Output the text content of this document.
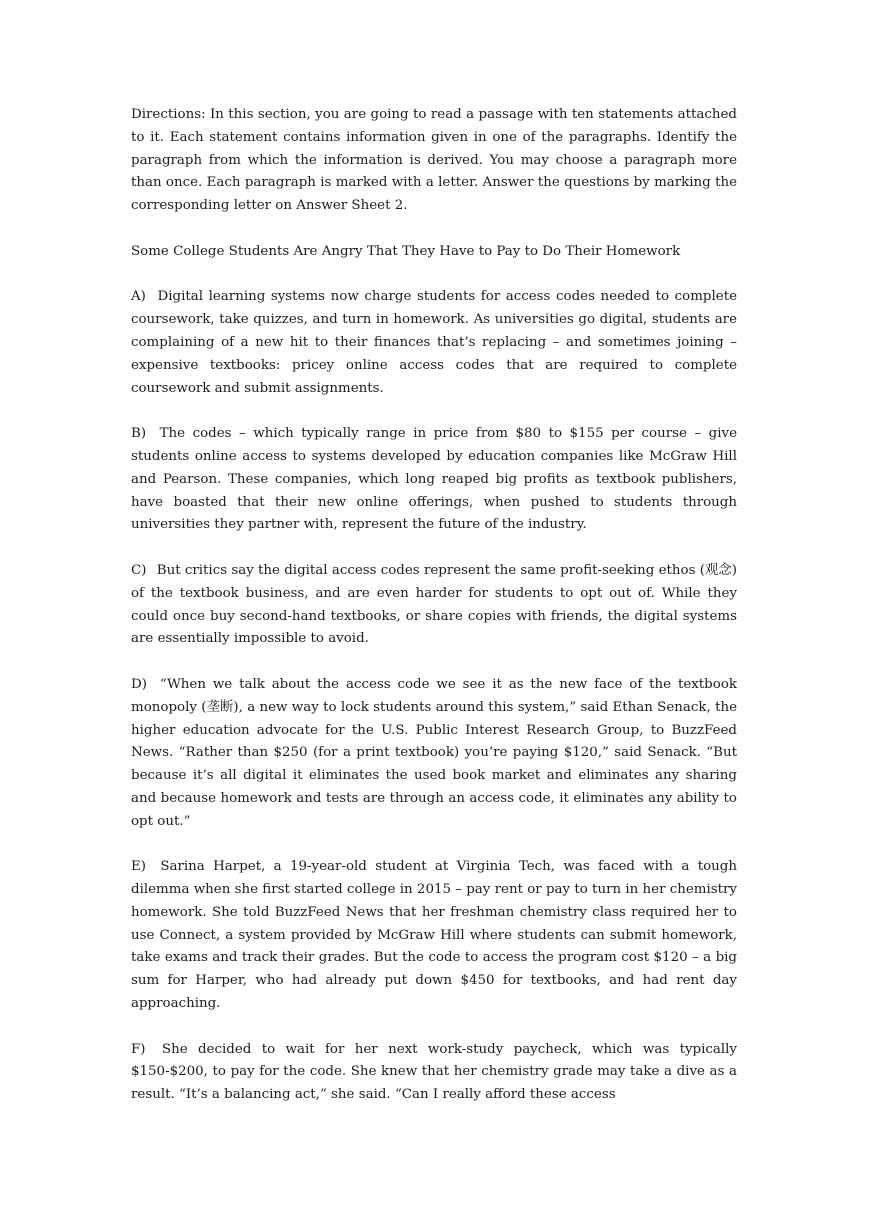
Directions: In this section, you are going to read a passage with ten statements attached to it. Each statement contains information given in one of the paragraphs. Identify the paragraph from which the information is derived. You may choose a paragraph more than once. Each paragraph is marked with a letter. Answer the questions by marking the corresponding letter on Answer Sheet 2.

Some College Students Are Angry That They Have to Pay to Do Their Homework

A) Digital learning systems now charge students for access codes needed to complete coursework, take quizzes, and turn in homework. As universities go digital, students are complaining of a new hit to their finances that’s replacing – and sometimes joining – expensive textbooks: pricey online access codes that are required to complete coursework and submit assignments.

B) The codes – which typically range in price from $80 to $155 per course – give students online access to systems developed by education companies like McGraw Hill and Pearson. These companies, which long reaped big profits as textbook publishers, have boasted that their new online offerings, when pushed to students through universities they partner with, represent the future of the industry.

C) But critics say the digital access codes represent the same profit-seeking ethos (观念) of the textbook business, and are even harder for students to opt out of. While they could once buy second-hand textbooks, or share copies with friends, the digital systems are essentially impossible to avoid.

D) “When we talk about the access code we see it as the new face of the textbook monopoly (垄断), a new way to lock students around this system,” said Ethan Senack, the higher education advocate for the U.S. Public Interest Research Group, to BuzzFeed News. “Rather than $250 (for a print textbook) you’re paying $120,” said Senack. “But because it’s all digital it eliminates the used book market and eliminates any sharing and because homework and tests are through an access code, it eliminates any ability to opt out.”

E) Sarina Harpet, a 19-year-old student at Virginia Tech, was faced with a tough dilemma when she first started college in 2015 – pay rent or pay to turn in her chemistry homework. She told BuzzFeed News that her freshman chemistry class required her to use Connect, a system provided by McGraw Hill where students can submit homework, take exams and track their grades. But the code to access the program cost $120 – a big sum for Harper, who had already put down $450 for textbooks, and had rent day approaching.

F) She decided to wait for her next work-study paycheck, which was typically $150-$200, to pay for the code. She knew that her chemistry grade may take a dive as a result. “It’s a balancing act,” she said. “Can I really afford these access
